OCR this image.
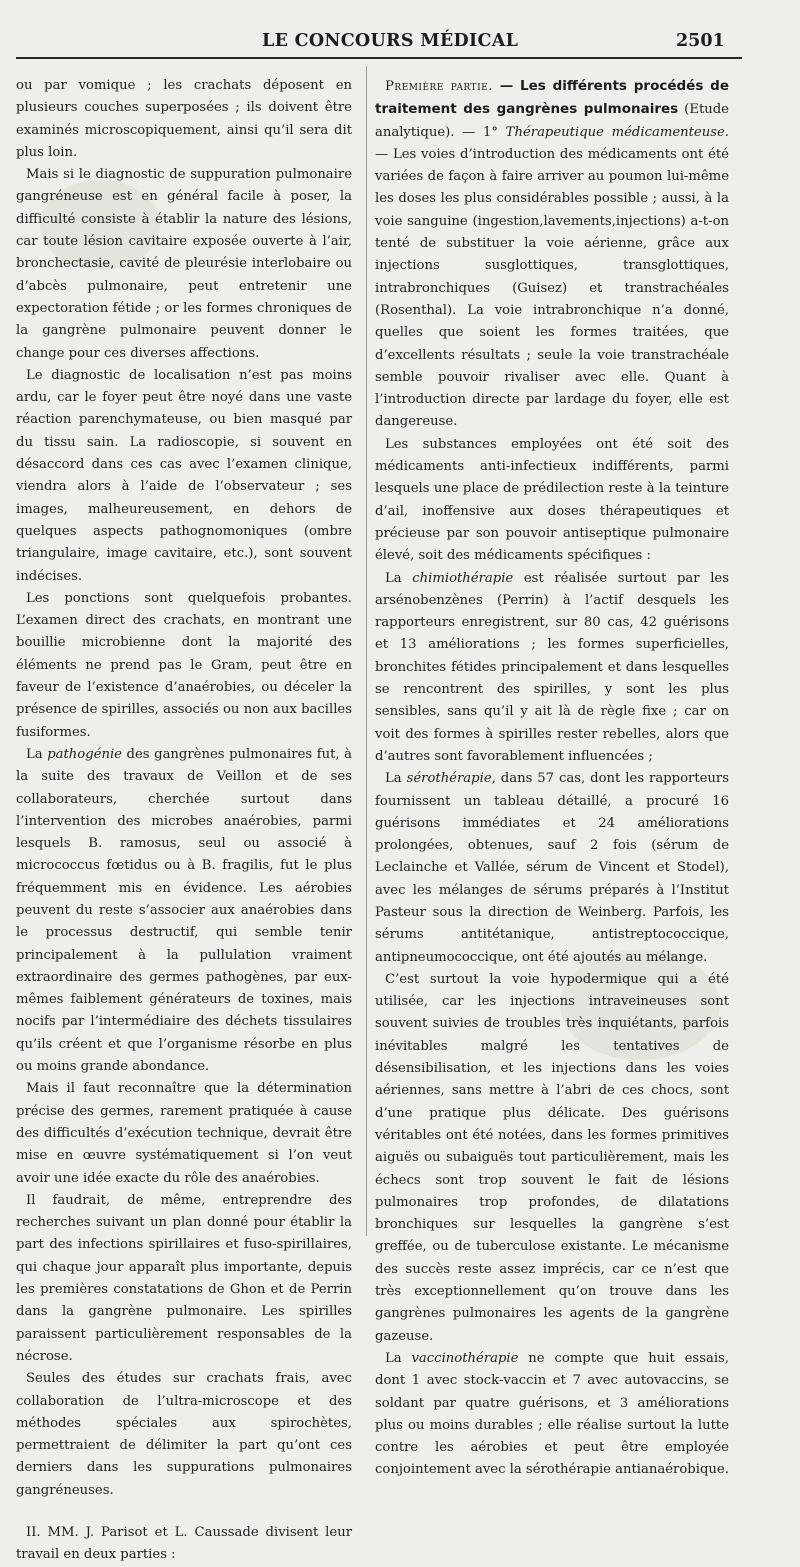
LE CONCOURS MÉDICAL	2501

ou par vomique ; les crachats déposent en plusieurs couches superposées ; ils doivent être examinés microscopiquement, ainsi qu’il sera dit plus loin.

Mais si le diagnostic de suppuration pulmonaire gangréneuse est en général facile à poser, la difficulté consiste à établir la nature des lésions, car toute lésion cavitaire exposée ouverte à l’air, bronchectasie, cavité de pleurésie interlobaire ou d’abcès pulmonaire, peut entretenir une expectoration fétide ; or les formes chroniques de la gangrène pulmonaire peuvent donner le change pour ces diverses affections.

Le diagnostic de localisation n’est pas moins ardu, car le foyer peut être noyé dans une vaste réaction parenchymateuse, ou bien masqué par du tissu sain. La radioscopie, si souvent en désaccord dans ces cas avec l’examen clinique, viendra alors à l’aide de l’observateur ; ses images, malheureusement, en dehors de quelques aspects pathognomoniques (ombre triangulaire, image cavitaire, etc.), sont souvent indécises.

Les ponctions sont quelquefois probantes. L’examen direct des crachats, en montrant une bouillie microbienne dont la majorité des éléments ne prend pas le Gram, peut être en faveur de l’existence d’anaérobies, ou déceler la présence de spirilles, associés ou non aux bacilles fusiformes.

La pathogénie des gangrènes pulmonaires fut, à la suite des travaux de Veillon et de ses collaborateurs, cherchée surtout dans l’intervention des microbes anaérobies, parmi lesquels B. ramosus, seul ou associé à micrococcus fœtidus ou à B. fragilis, fut le plus fréquemment mis en évidence. Les aérobies peuvent du reste s’associer aux anaérobies dans le processus destructif, qui semble tenir principalement à la pullulation vraiment extraordinaire des germes pathogènes, par eux-mêmes faiblement générateurs de toxines, mais nocifs par l’intermédiaire des déchets tissulaires qu’ils créent et que l’organisme résorbe en plus ou moins grande abondance.

Mais il faut reconnaître que la détermination précise des germes, rarement pratiquée à cause des difficultés d’exécution technique, devrait être mise en œuvre systématiquement si l’on veut avoir une idée exacte du rôle des anaérobies.

Il faudrait, de même, entreprendre des recherches suivant un plan donné pour établir la part des infections spirillaires et fuso-spirillaires, qui chaque jour apparaît plus importante, depuis les premières constatations de Ghon et de Perrin dans la gangrène pulmonaire. Les spirilles paraissent particulièrement responsables de la nécrose.

Seules des études sur crachats frais, avec collaboration de l’ultra-microscope et des méthodes spéciales aux spirochètes, permettraient de délimiter la part qu’ont ces derniers dans les suppurations pulmonaires gangréneuses.

II. MM. J. Parisot et L. Caussade divisent leur travail en deux parties :

Première partie. — Les différents procédés de traitement des gangrènes pulmonaires (Etude analytique). — 1° Thérapeutique médicamenteuse. — Les voies d’introduction des médicaments ont été variées de façon à faire arriver au poumon lui-même les doses les plus considérables possible ; aussi, à la voie sanguine (ingestion,lavements,injections) a-t-on tenté de substituer la voie aérienne, grâce aux injections susglottiques, transglottiques, intrabronchiques (Guisez) et transtrachéales (Rosenthal). La voie intrabronchique n’a donné, quelles que soient les formes traitées, que d’excellents résultats ; seule la voie transtrachéale semble pouvoir rivaliser avec elle. Quant à l’introduction directe par lardage du foyer, elle est dangereuse.

Les substances employées ont été soit des médicaments anti-infectieux indifférents, parmi lesquels une place de prédilection reste à la teinture d’ail, inoffensive aux doses thérapeutiques et précieuse par son pouvoir antiseptique pulmonaire élevé, soit des médicaments spécifiques :

La chimiothérapie est réalisée surtout par les arsénobenzènes (Perrin) à l’actif desquels les rapporteurs enregistrent, sur 80 cas, 42 guérisons et 13 améliorations ; les formes superficielles, bronchites fétides principalement et dans lesquelles se rencontrent des spirilles, y sont les plus sensibles, sans qu’il y ait là de règle fixe ; car on voit des formes à spirilles rester rebelles, alors que d’autres sont favorablement influencées ;

La sérothérapie, dans 57 cas, dont les rapporteurs fournissent un tableau détaillé, a procuré 16 guérisons immédiates et 24 améliorations prolongées, obtenues, sauf 2 fois (sérum de Leclainche et Vallée, sérum de Vincent et Stodel), avec les mélanges de sérums préparés à l’Institut Pasteur sous la direction de Weinberg. Parfois, les sérums antitétanique, antistreptococcique, antipneumococcique, ont été ajoutés au mélange.

C’est surtout la voie hypodermique qui a été utilisée, car les injections intraveineuses sont souvent suivies de troubles très inquiétants, parfois inévitables malgré les tentatives de désensibilisation, et les injections dans les voies aériennes, sans mettre à l’abri de ces chocs, sont d’une pratique plus délicate. Des guérisons véritables ont été notées, dans les formes primitives aiguës ou subaiguës tout particulièrement, mais les échecs sont trop souvent le fait de lésions pulmonaires trop profondes, de dilatations bronchiques sur lesquelles la gangrène s’est greffée, ou de tuberculose existante. Le mécanisme des succès reste assez imprécis, car ce n’est que très exceptionnellement qu’on trouve dans les gangrènes pulmonaires les agents de la gangrène gazeuse.

La vaccinothérapie ne compte que huit essais, dont 1 avec stock-vaccin et 7 avec autovaccins, se soldant par quatre guérisons, et 3 améliorations plus ou moins durables ; elle réalise surtout la lutte contre les aérobies et peut être employée conjointement avec la sérothérapie antianaérobique.
